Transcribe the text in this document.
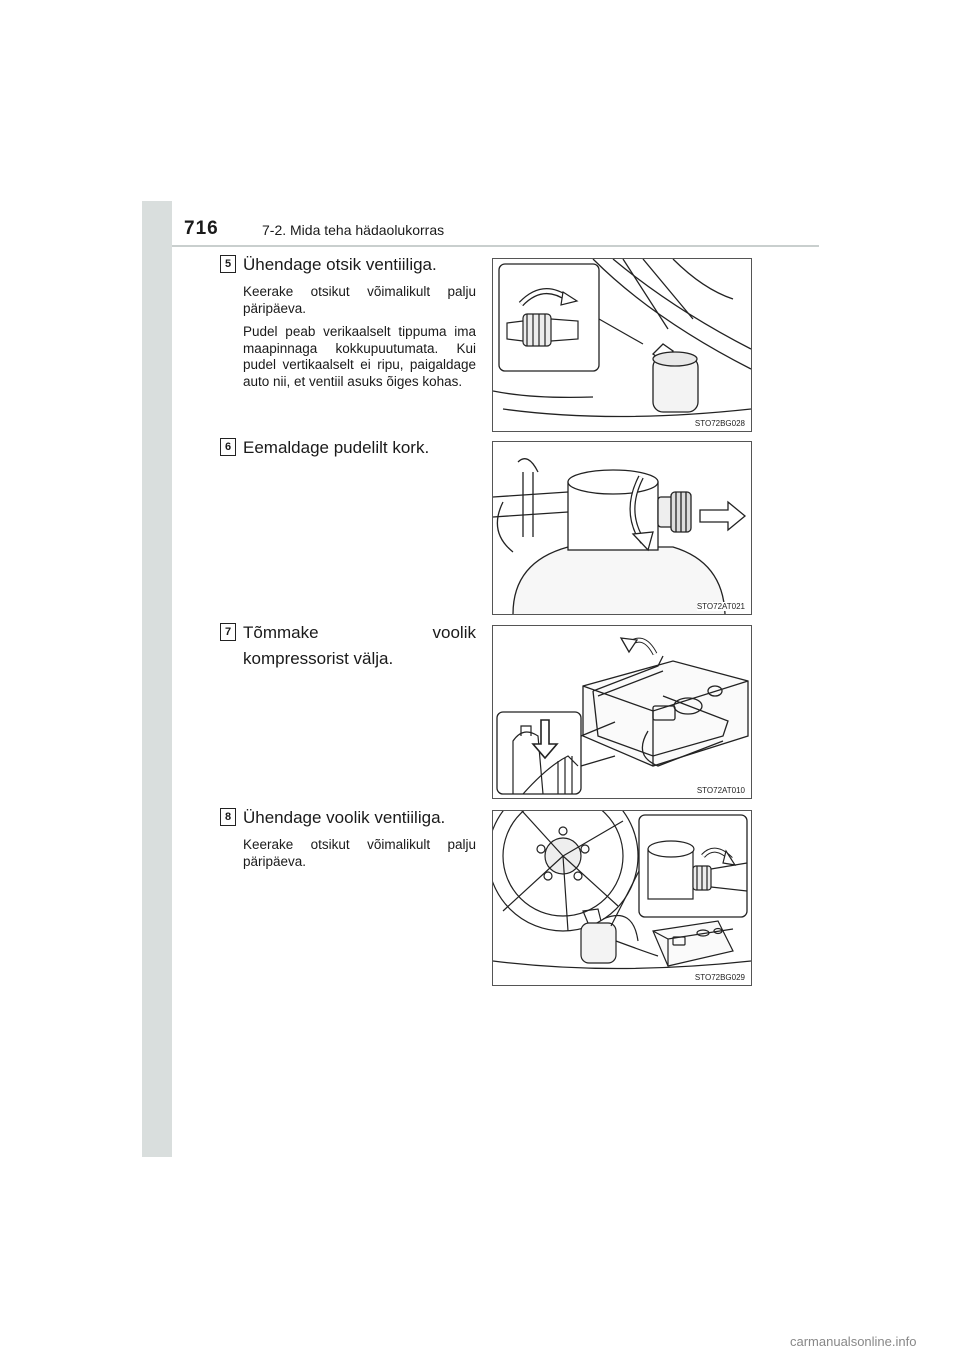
716	7-2. Mida teha hädaolukorras
5 Ühendage otsik ventiiliga.

Keerake otsikut võimalikult palju päripäeva.

Pudel peab verikaalselt tippuma ima maapinnaga kokkupuutumata. Kui pudel vertikaalselt ei ripu, paigaldage auto nii, et ventiil asuks õiges kohas.

STO72BG028
6 Eemaldage pudelilt kork.

STO72AT021
7 Tõmmake voolik kompressorist välja.

STO72AT010
8 Ühendage voolik ventiiliga.

Keerake otsikut võimalikult palju päripäeva.

STO72BG029
carmanualsonline.info
